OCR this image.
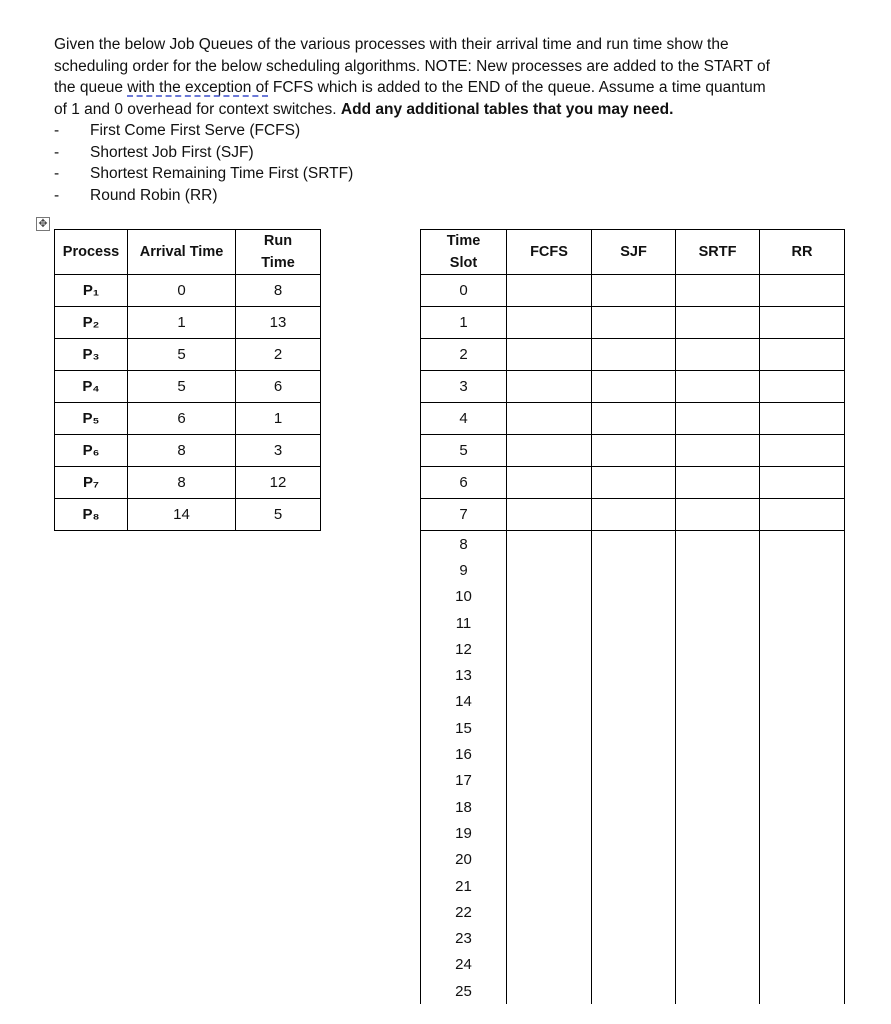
Given the below Job Queues of the various processes with their arrival time and run time show the
scheduling order for the below scheduling algorithms. NOTE: New processes are added to the START of
the queue with the exception of FCFS which is added to the END of the queue. Assume a time quantum
of 1 and 0 overhead for context switches. Add any additional tables that you may need.
-	First Come First Serve (FCFS)
-	Shortest Job First (SJF)
-	Shortest Remaining Time First (SRTF)
-	Round Robin (RR)
✥
Process	Arrival Time	Run
Time
P₁	0	8
P₂	1	13
P₃	5	2
P₄	5	6
P₅	6	1
P₆	8	3
P₇	8	12
P₈	14	5
Time
Slot	FCFS	SJF	SRTF	RR
0				
1				
2				
3				
4				
5				
6				
7				
8				
9				
10				
11				
12				
13				
14				
15				
16				
17				
18				
19				
20				
21				
22				
23				
24				
25				
